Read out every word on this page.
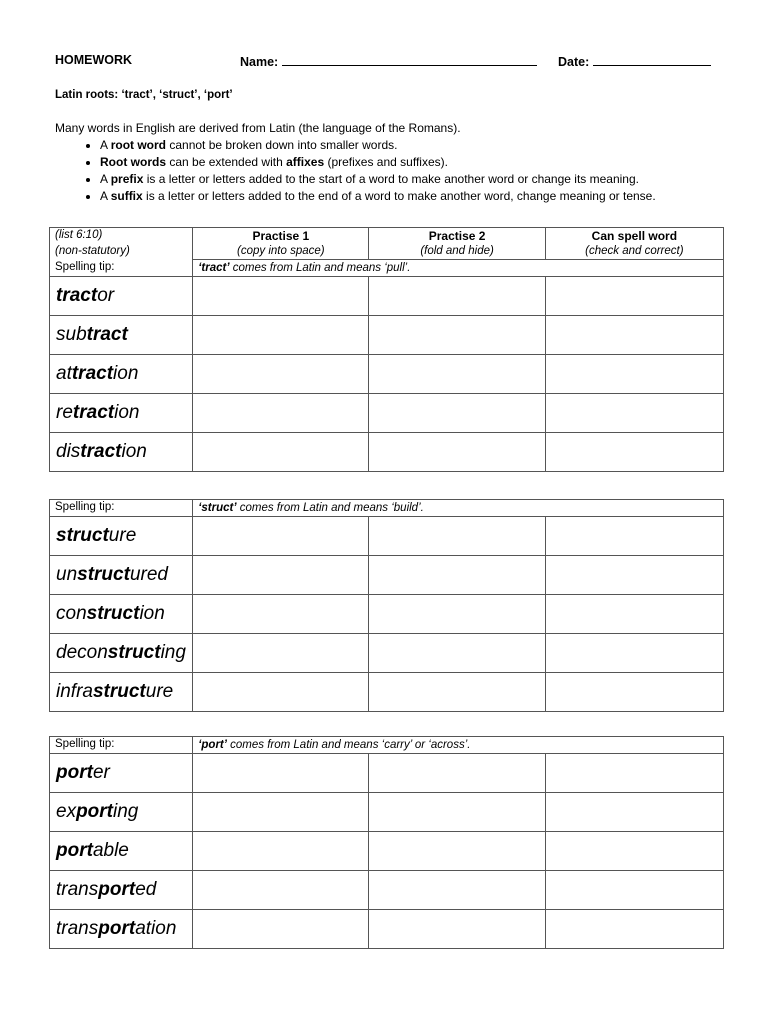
HOMEWORK	Name:	Date:
Latin roots: ‘tract’, ‘struct’, ‘port’
Many words in English are derived from Latin (the language of the Romans).
• A root word cannot be broken down into smaller words.
• Root words can be extended with affixes (prefixes and suffixes).
• A prefix is a letter or letters added to the start of a word to make another word or change its meaning.
• A suffix is a letter or letters added to the end of a word to make another word, change meaning or tense.
(list 6:10)	Practise 1	Practise 2	Can spell word
(non-statutory)	(copy into space)	(fold and hide)	(check and correct)
Spelling tip:	‘tract’ comes from Latin and means ‘pull’.		
tractor			
subtract			
attraction			
retraction			
distraction			
Spelling tip:	‘struct’ comes from Latin and means ‘build’.		
structure			
unstructured			
construction			
deconstructing			
infrastructure			
Spelling tip:	‘port’ comes from Latin and means ‘carry’ or ‘across’.		
porter			
exporting			
portable			
transported			
transportation			
